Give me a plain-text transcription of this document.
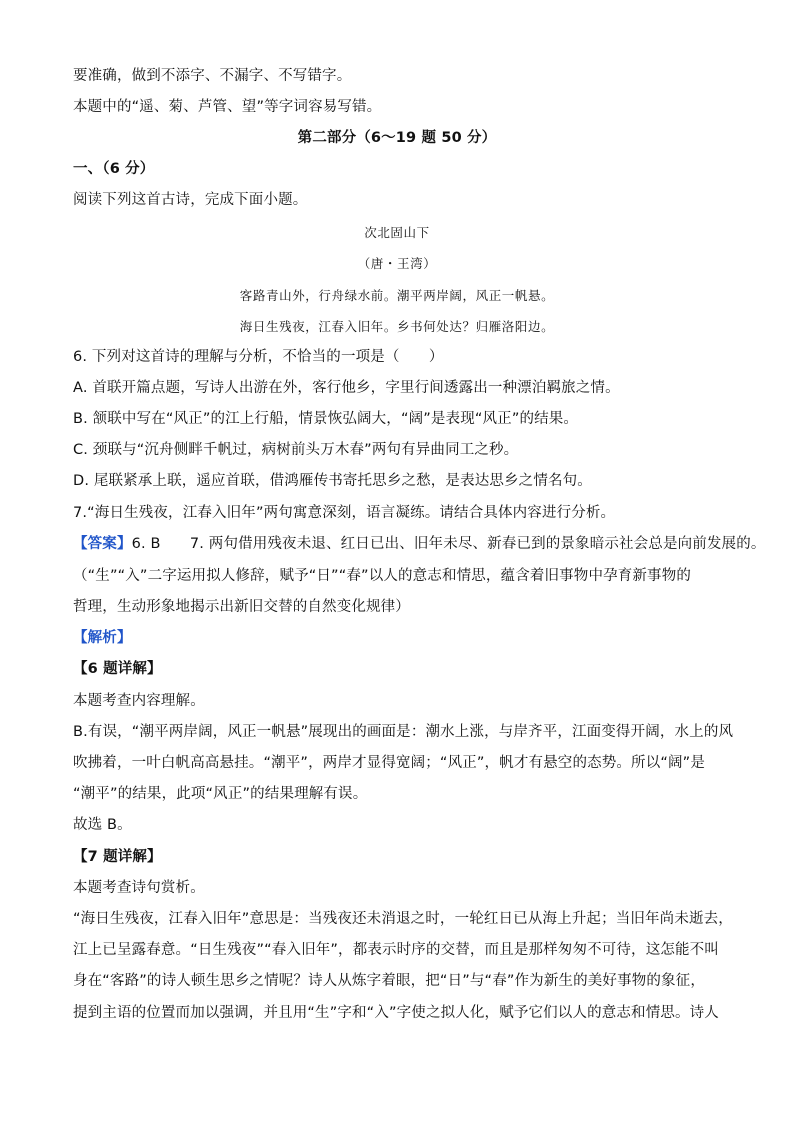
要准确，做到不添字、不漏字、不写错字。
本题中的“遥、菊、芦管、望”等字词容易写错。
第二部分（6～19 题 50 分）
一、（6 分）
阅读下列这首古诗，完成下面小题。
次北固山下
（唐・王湾）
客路青山外，行舟绿水前。潮平两岸阔，风正一帆悬。
海日生残夜，江春入旧年。乡书何处达？归雁洛阳边。
6. 下列对这首诗的理解与分析，不恰当的一项是（　　）
A. 首联开篇点题，写诗人出游在外，客行他乡，字里行间透露出一种漂泊羁旅之情。
B. 颔联中写在“风正”的江上行船，情景恢弘阔大，“阔”是表现“风正”的结果。
C. 颈联与“沉舟侧畔千帆过，病树前头万木春”两句有异曲同工之秒。
D. 尾联紧承上联，遥应首联，借鸿雁传书寄托思乡之愁，是表达思乡之情名句。
7.“海日生残夜，江春入旧年”两句寓意深刻，语言凝练。请结合具体内容进行分析。
【答案】6. B　　7. 两句借用残夜未退、红日已出、旧年未尽、新春已到的景象暗示社会总是向前发展的。
（“生”“入”二字运用拟人修辞，赋予“日”“春”以人的意志和情思，蕴含着旧事物中孕育新事物的
哲理，生动形象地揭示出新旧交替的自然变化规律）
【解析】
【6 题详解】
本题考查内容理解。
B.有误，“潮平两岸阔，风正一帆悬”展现出的画面是：潮水上涨，与岸齐平，江面变得开阔，水上的风
吹拂着，一叶白帆高高悬挂。“潮平”，两岸才显得宽阔；“风正”，帆才有悬空的态势。所以“阔”是
“潮平”的结果，此项“风正”的结果理解有误。
故选 B。
【7 题详解】
本题考查诗句赏析。
“海日生残夜，江春入旧年”意思是：当残夜还未消退之时，一轮红日已从海上升起；当旧年尚未逝去，
江上已呈露春意。“日生残夜”“春入旧年”，都表示时序的交替，而且是那样匆匆不可待，这怎能不叫
身在“客路”的诗人顿生思乡之情呢？诗人从炼字着眼，把“日”与“春”作为新生的美好事物的象征，
提到主语的位置而加以强调，并且用“生”字和“入”字使之拟人化，赋予它们以人的意志和情思。诗人
